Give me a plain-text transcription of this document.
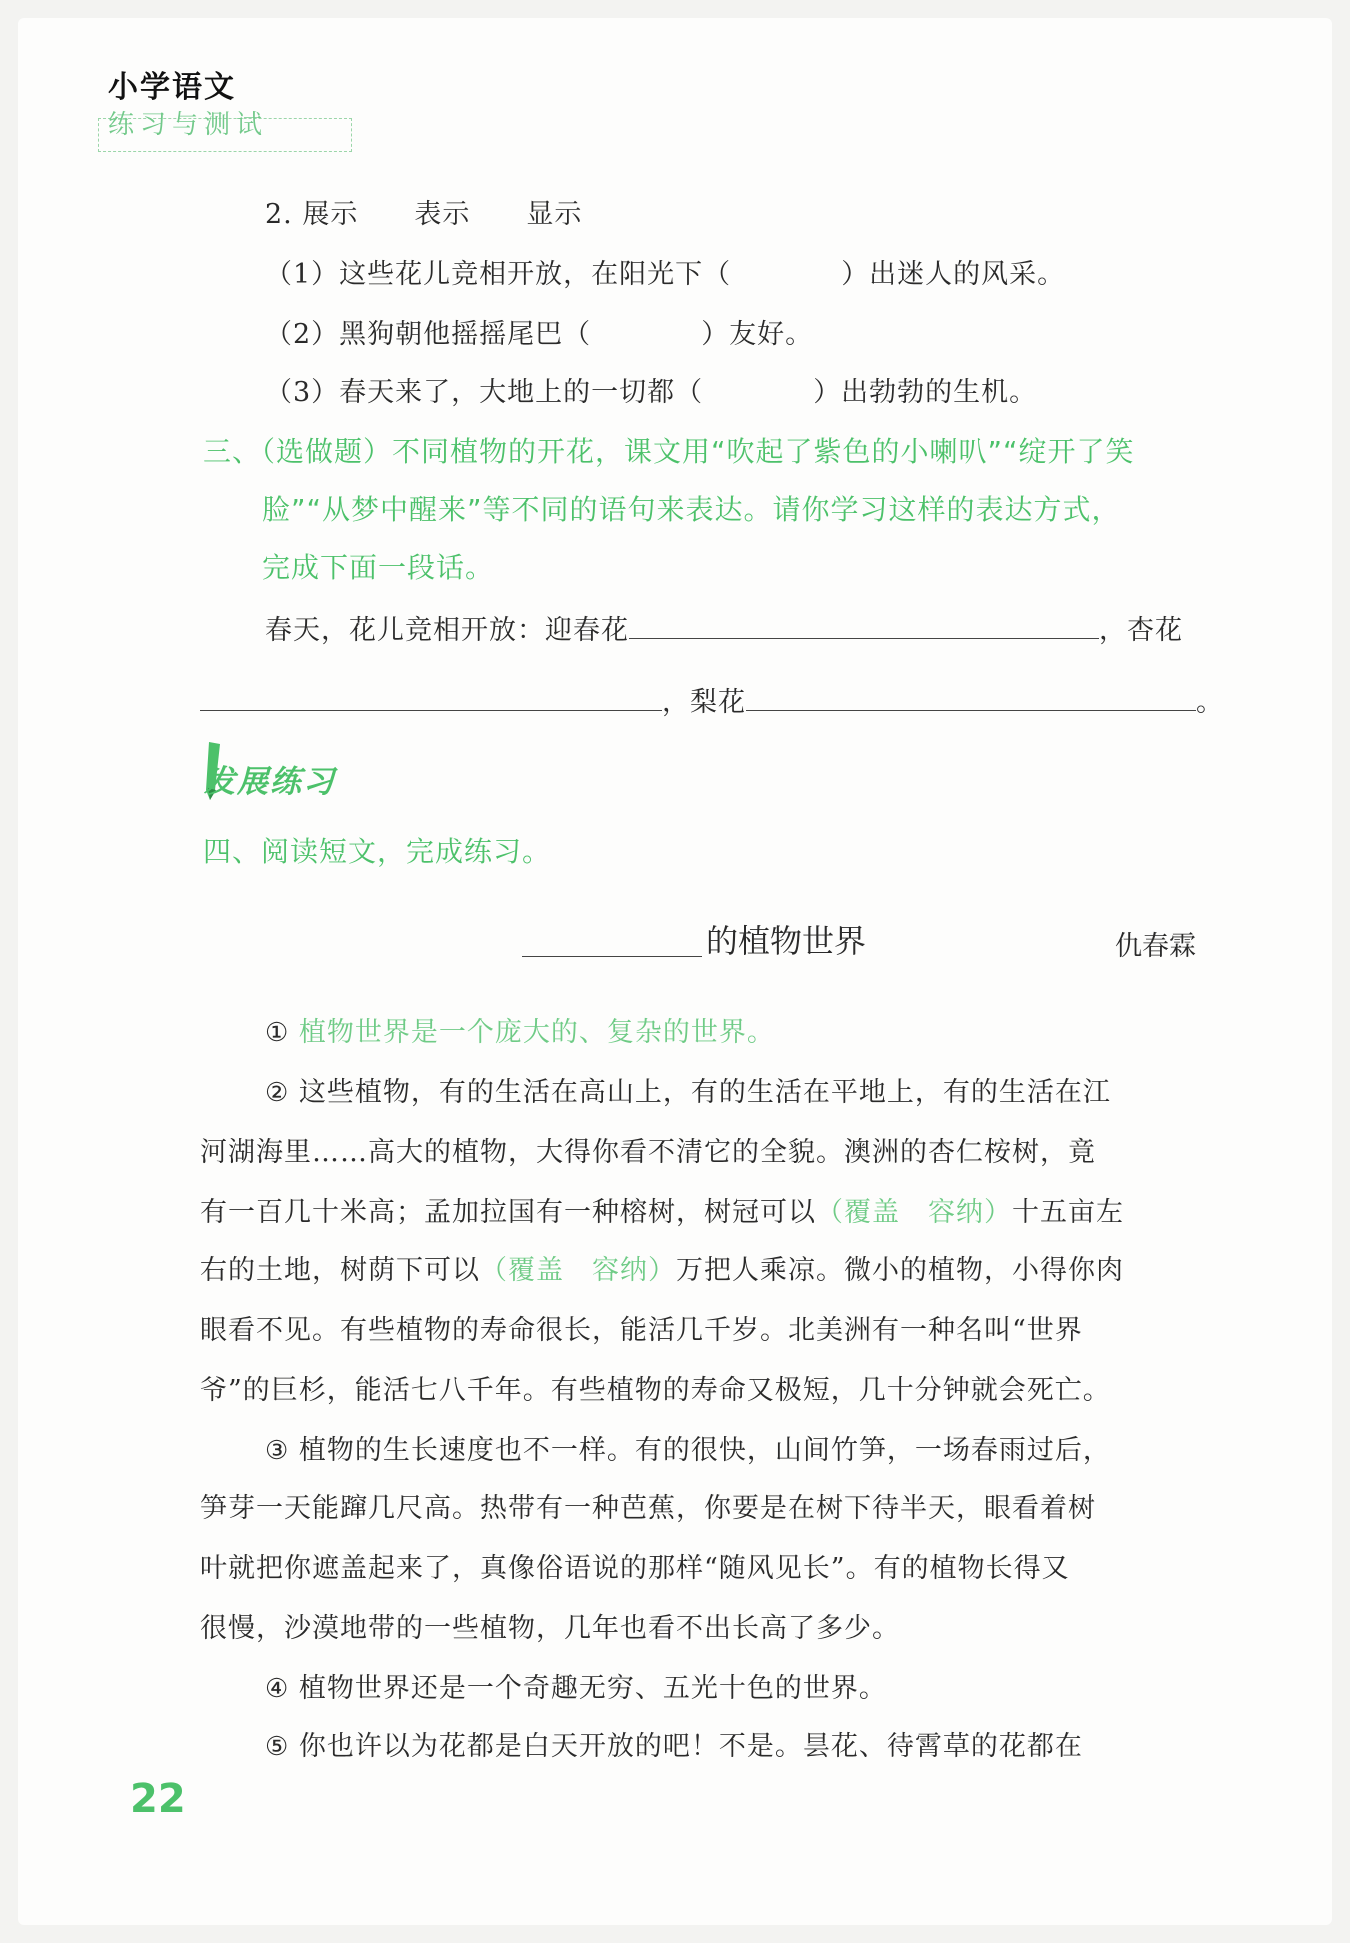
小学语文
练习与测试
2. 展示　　表示　　显示
（1）这些花儿竞相开放，在阳光下（	）出迷人的风采。
（2）黑狗朝他摇摇尾巴（	）友好。
（3）春天来了，大地上的一切都（	）出勃勃的生机。
三、（选做题）不同植物的开花，课文用“吹起了紫色的小喇叭”“绽开了笑
脸”“从梦中醒来”等不同的语句来表达。请你学习这样的表达方式，
完成下面一段话。
春天，花儿竞相开放：迎春花	，杏花
，梨花	。
发展练习
四、阅读短文，完成练习。
的植物世界	仇春霖
① 植物世界是一个庞大的、复杂的世界。
② 这些植物，有的生活在高山上，有的生活在平地上，有的生活在江
河湖海里……高大的植物，大得你看不清它的全貌。澳洲的杏仁桉树，竟
有一百几十米高；孟加拉国有一种榕树，树冠可以（覆盖　容纳）十五亩左
右的土地，树荫下可以（覆盖　容纳）万把人乘凉。微小的植物，小得你肉
眼看不见。有些植物的寿命很长，能活几千岁。北美洲有一种名叫“世界
爷”的巨杉，能活七八千年。有些植物的寿命又极短，几十分钟就会死亡。
③ 植物的生长速度也不一样。有的很快，山间竹笋，一场春雨过后，
笋芽一天能蹿几尺高。热带有一种芭蕉，你要是在树下待半天，眼看着树
叶就把你遮盖起来了，真像俗语说的那样“随风见长”。有的植物长得又
很慢，沙漠地带的一些植物，几年也看不出长高了多少。
④ 植物世界还是一个奇趣无穷、五光十色的世界。
⑤ 你也许以为花都是白天开放的吧！不是。昙花、待霄草的花都在
22
